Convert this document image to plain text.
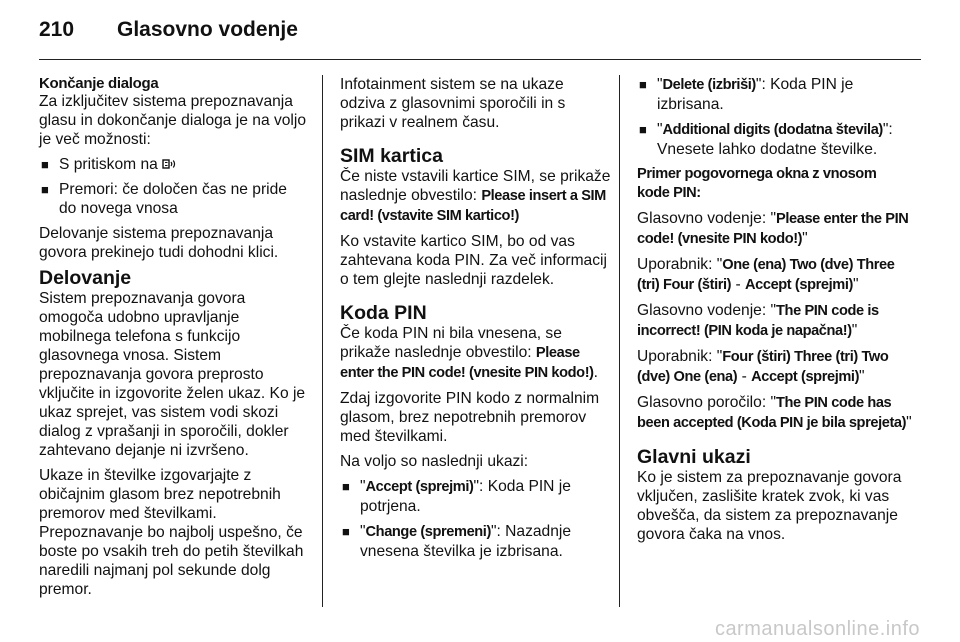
210 Glasovno vodenje
Končanje dialoga

Za izključitev sistema prepoznavanja glasu in dokončanje dialoga je na voljo je več možnosti:

■ S pritiskom na
■ Premori: če določen čas ne pride do novega vnosa

Delovanje sistema prepoznavanja govora prekinejo tudi dohodni klici.

Delovanje

Sistem prepoznavanja govora omogoča udobno upravljanje mobilnega telefona s funkcijo glasovnega vnosa. Sistem prepoznavanja govora preprosto vključite in izgovorite želen ukaz. Ko je ukaz sprejet, vas sistem vodi skozi dialog z vprašanji in sporočili, dokler zahtevano dejanje ni izvršeno.

Ukaze in številke izgovarjajte z običajnim glasom brez nepotrebnih premorov med številkami. Prepoznavanje bo najbolj uspešno, če boste po vsakih treh do petih številkah naredili najmanj pol sekunde dolg premor.

Infotainment sistem se na ukaze odziva z glasovnimi sporočili in s prikazi v realnem času.

SIM kartica

Če niste vstavili kartice SIM, se prikaže naslednje obvestilo: Please insert a SIM card! (vstavite SIM kartico!)

Ko vstavite kartico SIM, bo od vas zahtevana koda PIN. Za več informacij o tem glejte naslednji razdelek.

Koda PIN

Če koda PIN ni bila vnesena, se prikaže naslednje obvestilo: Please enter the PIN code! (vnesite PIN kodo!).

Zdaj izgovorite PIN kodo z normalnim glasom, brez nepotrebnih premorov med številkami.

Na voljo so naslednji ukazi:

■ "Accept (sprejmi)": Koda PIN je potrjena.
■ "Change (spremeni)": Nazadnje vnesena številka je izbrisana.
■ "Delete (izbriši)": Koda PIN je izbrisana.
■ "Additional digits (dodatna števila)": Vnesete lahko dodatne številke.

Primer pogovornega okna z vnosom kode PIN:

Glasovno vodenje: "Please enter the PIN code! (vnesite PIN kodo!)"

Uporabnik: "One (ena) Two (dve) Three (tri) Four (štiri) - Accept (sprejmi)"

Glasovno vodenje: "The PIN code is incorrect! (PIN koda je napačna!)"

Uporabnik: "Four (štiri) Three (tri) Two (dve) One (ena) - Accept (sprejmi)"

Glasovno poročilo: "The PIN code has been accepted (Koda PIN je bila sprejeta)"

Glavni ukazi

Ko je sistem za prepoznavanje govora vključen, zaslišite kratek zvok, ki vas obvešča, da sistem za prepoznavanje govora čaka na vnos.

carmanualsonline.info
